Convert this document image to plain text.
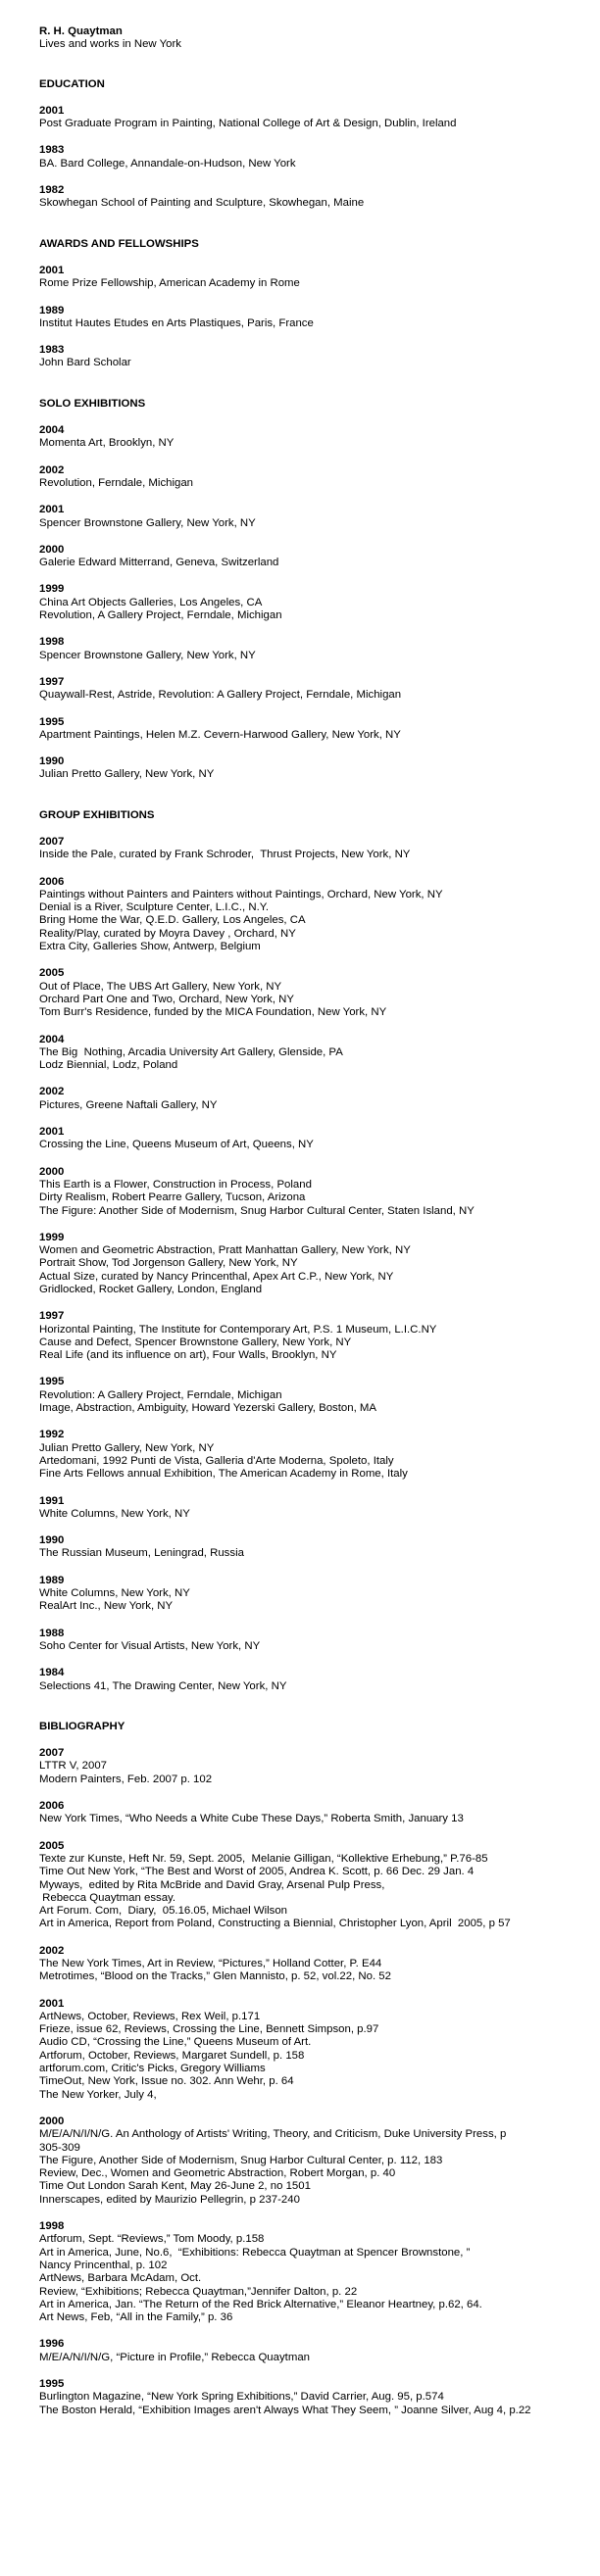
R. H. Quaytman
Lives and works in New York
EDUCATION
2001
Post Graduate Program in Painting, National College of Art & Design, Dublin, Ireland
1983
BA. Bard College, Annandale-on-Hudson, New York
1982
Skowhegan School of Painting and Sculpture, Skowhegan, Maine
AWARDS AND FELLOWSHIPS
2001
Rome Prize Fellowship, American Academy in Rome
1989
Institut Hautes Etudes en Arts Plastiques, Paris, France
1983
John Bard Scholar
SOLO EXHIBITIONS
2004
Momenta Art, Brooklyn, NY
2002
Revolution, Ferndale, Michigan
2001
Spencer Brownstone Gallery, New York, NY
2000
Galerie Edward Mitterrand, Geneva, Switzerland
1999
China Art Objects Galleries, Los Angeles, CA
Revolution, A Gallery Project, Ferndale, Michigan
1998
Spencer Brownstone Gallery, New York, NY
1997
Quaywall-Rest, Astride, Revolution: A Gallery Project, Ferndale, Michigan
1995
Apartment Paintings, Helen M.Z. Cevern-Harwood Gallery, New York, NY
1990
Julian Pretto Gallery, New York, NY
GROUP EXHIBITIONS
2007
Inside the Pale, curated by Frank Schroder,  Thrust Projects, New York, NY
2006
Paintings without Painters and Painters without Paintings, Orchard, New York, NY
Denial is a River, Sculpture Center, L.I.C., N.Y.
Bring Home the War, Q.E.D. Gallery, Los Angeles, CA
Reality/Play, curated by Moyra Davey , Orchard, NY
Extra City, Galleries Show, Antwerp, Belgium
2005
Out of Place, The UBS Art Gallery, New York, NY
Orchard Part One and Two, Orchard, New York, NY
Tom Burr's Residence, funded by the MICA Foundation, New York, NY
2004
The Big  Nothing, Arcadia University Art Gallery, Glenside, PA
Lodz Biennial, Lodz, Poland
2002
Pictures, Greene Naftali Gallery, NY
2001
Crossing the Line, Queens Museum of Art, Queens, NY
2000
This Earth is a Flower, Construction in Process, Poland
Dirty Realism, Robert Pearre Gallery, Tucson, Arizona
The Figure: Another Side of Modernism, Snug Harbor Cultural Center, Staten Island, NY
1999
Women and Geometric Abstraction, Pratt Manhattan Gallery, New York, NY
Portrait Show, Tod Jorgenson Gallery, New York, NY
Actual Size, curated by Nancy Princenthal, Apex Art C.P., New York, NY
Gridlocked, Rocket Gallery, London, England
1997
Horizontal Painting, The Institute for Contemporary Art, P.S. 1 Museum, L.I.C.NY
Cause and Defect, Spencer Brownstone Gallery, New York, NY
Real Life (and its influence on art), Four Walls, Brooklyn, NY
1995
Revolution: A Gallery Project, Ferndale, Michigan
Image, Abstraction, Ambiguity, Howard Yezerski Gallery, Boston, MA
1992
Julian Pretto Gallery, New York, NY
Artedomani, 1992 Punti de Vista, Galleria d'Arte Moderna, Spoleto, Italy
Fine Arts Fellows annual Exhibition, The American Academy in Rome, Italy
1991
White Columns, New York, NY
1990
The Russian Museum, Leningrad, Russia
1989
White Columns, New York, NY
RealArt Inc., New York, NY
1988
Soho Center for Visual Artists, New York, NY
1984
Selections 41, The Drawing Center, New York, NY
BIBLIOGRAPHY
2007
LTTR V, 2007
Modern Painters, Feb. 2007 p. 102
2006
New York Times, “Who Needs a White Cube These Days,” Roberta Smith, January 13
2005
Texte zur Kunste, Heft Nr. 59, Sept. 2005,  Melanie Gilligan, “Kollektive Erhebung,” P.76-85
Time Out New York, “The Best and Worst of 2005, Andrea K. Scott, p. 66 Dec. 29 Jan. 4
Myways,  edited by Rita McBride and David Gray, Arsenal Pulp Press,
Rebecca Quaytman essay.
Art Forum. Com,  Diary,  05.16.05, Michael Wilson
Art in America, Report from Poland, Constructing a Biennial, Christopher Lyon, April  2005, p 57
2002
The New York Times, Art in Review, “Pictures,” Holland Cotter, P. E44
Metrotimes, “Blood on the Tracks,” Glen Mannisto, p. 52, vol.22, No. 52
2001
ArtNews, October, Reviews, Rex Weil, p.171
Frieze, issue 62, Reviews, Crossing the Line, Bennett Simpson, p.97
Audio CD, “Crossing the Line,” Queens Museum of Art.
Artforum, October, Reviews, Margaret Sundell, p. 158
artforum.com, Critic's Picks, Gregory Williams
TimeOut, New York, Issue no. 302. Ann Wehr, p. 64
The New Yorker, July 4,
2000
M/E/A/N/I/N/G. An Anthology of Artists' Writing, Theory, and Criticism, Duke University Press, p
305-309
The Figure, Another Side of Modernism, Snug Harbor Cultural Center, p. 112, 183
Review, Dec., Women and Geometric Abstraction, Robert Morgan, p. 40
Time Out London Sarah Kent, May 26-June 2, no 1501
Innerscapes, edited by Maurizio Pellegrin, p 237-240
1998
Artforum, Sept. “Reviews,” Tom Moody, p.158
Art in America, June, No.6,  “Exhibitions: Rebecca Quaytman at Spencer Brownstone, ”
Nancy Princenthal, p. 102
ArtNews, Barbara McAdam, Oct.
Review, “Exhibitions; Rebecca Quaytman,”Jennifer Dalton, p. 22
Art in America, Jan. “The Return of the Red Brick Alternative,” Eleanor Heartney, p.62, 64.
Art News, Feb, “All in the Family,” p. 36
1996
M/E/A/N/I/N/G, “Picture in Profile,” Rebecca Quaytman
1995
Burlington Magazine, “New York Spring Exhibitions,” David Carrier, Aug. 95, p.574
The Boston Herald, “Exhibition Images aren't Always What They Seem, ” Joanne Silver, Aug 4, p.22
